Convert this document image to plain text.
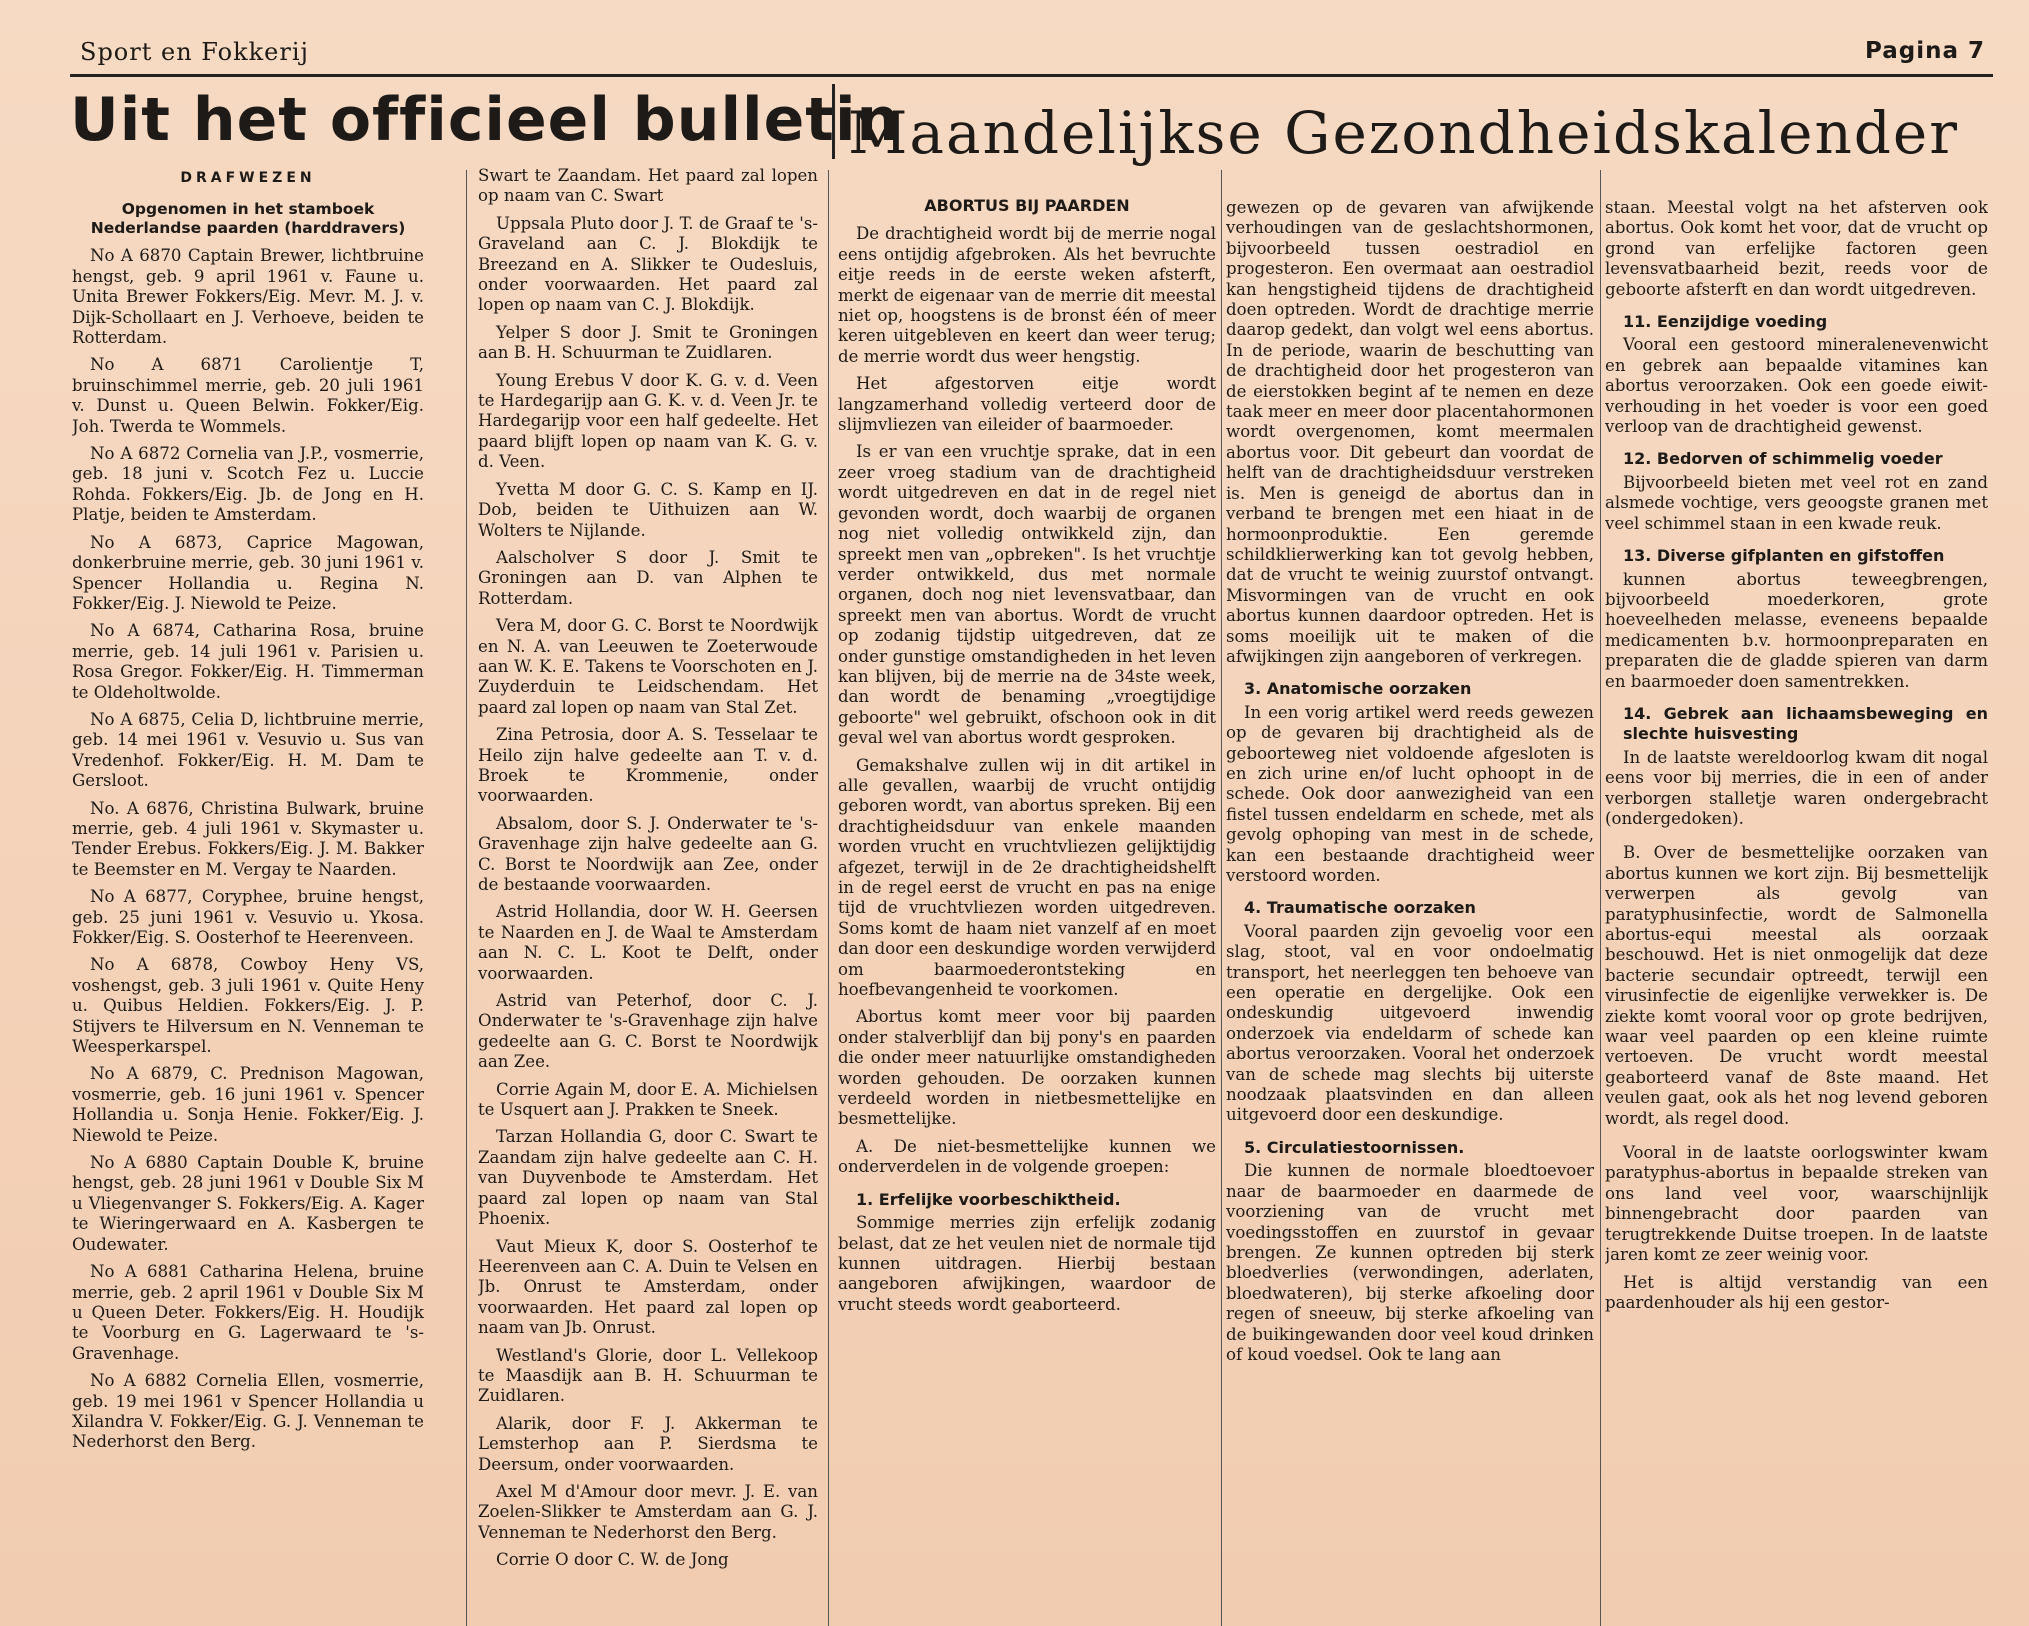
Sport en Fokkerij	Pagina 7
Uit het officieel bulletin
Maandelijkse Gezondheidskalender
DRAFWEZEN
Opgenomen in het stamboek Nederlandse paarden (harddravers)

No A 6870 Captain Brewer, lichtbruine hengst, geb. 9 april 1961 v. Faune u. Unita Brewer Fokkers/Eig. Mevr. M. J. v. Dijk-Schollaart en J. Verhoeve, beiden te Rotterdam.

No A 6871 Carolientje T, bruinschimmel merrie, geb. 20 juli 1961 v. Dunst u. Queen Belwin. Fokker/Eig. Joh. Twerda te Wommels.

No A 6872 Cornelia van J.P., vosmerrie, geb. 18 juni v. Scotch Fez u. Luccie Rohda. Fokkers/Eig. Jb. de Jong en H. Platje, beiden te Amsterdam.

No A 6873, Caprice Magowan, donkerbruine merrie, geb. 30 juni 1961 v. Spencer Hollandia u. Regina N. Fokker/Eig. J. Niewold te Peize.

No A 6874, Catharina Rosa, bruine merrie, geb. 14 juli 1961 v. Parisien u. Rosa Gregor. Fokker/Eig. H. Timmerman te Oldeholtwolde.

No A 6875, Celia D, lichtbruine merrie, geb. 14 mei 1961 v. Vesuvio u. Sus van Vredenhof. Fokker/Eig. H. M. Dam te Gersloot.

No. A 6876, Christina Bulwark, bruine merrie, geb. 4 juli 1961 v. Skymaster u. Tender Erebus. Fokkers/Eig. J. M. Bakker te Beemster en M. Vergay te Naarden.

No A 6877, Coryphee, bruine hengst, geb. 25 juni 1961 v. Vesuvio u. Ykosa. Fokker/Eig. S. Oosterhof te Heerenveen.

No A 6878, Cowboy Heny VS, voshengst, geb. 3 juli 1961 v. Quite Heny u. Quibus Heldien. Fokkers/Eig. J. P. Stijvers te Hilversum en N. Venneman te Weesperkarspel.

No A 6879, C. Prednison Magowan, vosmerrie, geb. 16 juni 1961 v. Spencer Hollandia u. Sonja Henie. Fokker/Eig. J. Niewold te Peize.

No A 6880 Captain Double K, bruine hengst, geb. 28 juni 1961 v Double Six M u Vliegenvanger S. Fokkers/Eig. A. Kager te Wieringerwaard en A. Kasbergen te Oudewater.

No A 6881 Catharina Helena, bruine merrie, geb. 2 april 1961 v Double Six M u Queen Deter. Fokkers/Eig. H. Houdijk te Voorburg en G. Lagerwaard te 's-Gravenhage.

No A 6882 Cornelia Ellen, vosmerrie, geb. 19 mei 1961 v Spencer Hollandia u Xilandra V. Fokker/Eig. G. J. Venneman te Nederhorst den Berg.

Swart te Zaandam. Het paard zal lopen op naam van C. Swart

Uppsala Pluto door J. T. de Graaf te 's-Graveland aan C. J. Blokdijk te Breezand en A. Slikker te Oudesluis, onder voorwaarden. Het paard zal lopen op naam van C. J. Blokdijk.

Yelper S door J. Smit te Groningen aan B. H. Schuurman te Zuidlaren.

Young Erebus V door K. G. v. d. Veen te Hardegarijp aan G. K. v. d. Veen Jr. te Hardegarijp voor een half gedeelte. Het paard blijft lopen op naam van K. G. v. d. Veen.

Yvetta M door G. C. S. Kamp en IJ. Dob, beiden te Uithuizen aan W. Wolters te Nijlande.

Aalscholver S door J. Smit te Groningen aan D. van Alphen te Rotterdam.

Vera M, door G. C. Borst te Noordwijk en N. A. van Leeuwen te Zoeterwoude aan W. K. E. Takens te Voorschoten en J. Zuyderduin te Leidschendam. Het paard zal lopen op naam van Stal Zet.

Zina Petrosia, door A. S. Tesselaar te Heilo zijn halve gedeelte aan T. v. d. Broek te Krommenie, onder voorwaarden.

Absalom, door S. J. Onderwater te 's-Gravenhage zijn halve gedeelte aan G. C. Borst te Noordwijk aan Zee, onder de bestaande voorwaarden.

Astrid Hollandia, door W. H. Geersen te Naarden en J. de Waal te Amsterdam aan N. C. L. Koot te Delft, onder voorwaarden.

Astrid van Peterhof, door C. J. Onderwater te 's-Gravenhage zijn halve gedeelte aan G. C. Borst te Noordwijk aan Zee.

Corrie Again M, door E. A. Michielsen te Usquert aan J. Prakken te Sneek.

Tarzan Hollandia G, door C. Swart te Zaandam zijn halve gedeelte aan C. H. van Duyvenbode te Amsterdam. Het paard zal lopen op naam van Stal Phoenix.

Vaut Mieux K, door S. Oosterhof te Heerenveen aan C. A. Duin te Velsen en Jb. Onrust te Amsterdam, onder voorwaarden. Het paard zal lopen op naam van Jb. Onrust.

Westland's Glorie, door L. Vellekoop te Maasdijk aan B. H. Schuurman te Zuidlaren.

Alarik, door F. J. Akkerman te Lemsterhop aan P. Sierdsma te Deersum, onder voorwaarden.

Axel M d'Amour door mevr. J. E. van Zoelen-Slikker te Amsterdam aan G. J. Venneman te Nederhorst den Berg.

Corrie O door C. W. de Jong

ABORTUS BIJ PAARDEN

De drachtigheid wordt bij de merrie nogal eens ontijdig afgebroken. Als het bevruchte eitje reeds in de eerste weken afsterft, merkt de eigenaar van de merrie dit meestal niet op, hoogstens is de bronst één of meer keren uitgebleven en keert dan weer terug; de merrie wordt dus weer hengstig.

Het afgestorven eitje wordt langzamerhand volledig verteerd door de slijmvliezen van eileider of baarmoeder.

Is er van een vruchtje sprake, dat in een zeer vroeg stadium van de drachtigheid wordt uitgedreven en dat in de regel niet gevonden wordt, doch waarbij de organen nog niet volledig ontwikkeld zijn, dan spreekt men van „opbreken". Is het vruchtje verder ontwikkeld, dus met normale organen, doch nog niet levensvatbaar, dan spreekt men van abortus. Wordt de vrucht op zodanig tijdstip uitgedreven, dat ze onder gunstige omstandigheden in het leven kan blijven, bij de merrie na de 34ste week, dan wordt de benaming „vroegtijdige geboorte" wel gebruikt, ofschoon ook in dit geval wel van abortus wordt gesproken.

Gemakshalve zullen wij in dit artikel in alle gevallen, waarbij de vrucht ontijdig geboren wordt, van abortus spreken. Bij een drachtigheidsduur van enkele maanden worden vrucht en vruchtvliezen gelijktijdig afgezet, terwijl in de 2e drachtigheidshelft in de regel eerst de vrucht en pas na enige tijd de vruchtvliezen worden uitgedreven. Soms komt de haam niet vanzelf af en moet dan door een deskundige worden verwijderd om baarmoederontsteking en hoefbevangenheid te voorkomen.

Abortus komt meer voor bij paarden onder stalverblijf dan bij pony's en paarden die onder meer natuurlijke omstandigheden worden gehouden. De oorzaken kunnen verdeeld worden in nietbesmettelijke en besmettelijke.

A. De niet-besmettelijke kunnen we onderverdelen in de volgende groepen:

1. Erfelijke voorbeschiktheid.

Sommige merries zijn erfelijk zodanig belast, dat ze het veulen niet de normale tijd kunnen uitdragen. Hierbij bestaan aangeboren afwijkingen, waardoor de vrucht steeds wordt geaborteerd.

gewezen op de gevaren van afwijkende verhoudingen van de geslachtshormonen, bijvoorbeeld tussen oestradiol en progesteron. Een overmaat aan oestradiol kan hengstigheid tijdens de drachtigheid doen optreden. Wordt de drachtige merrie daarop gedekt, dan volgt wel eens abortus. In de periode, waarin de beschutting van de drachtigheid door het progesteron van de eierstokken begint af te nemen en deze taak meer en meer door placentahormonen wordt overgenomen, komt meermalen abortus voor. Dit gebeurt dan voordat de helft van de drachtigheidsduur verstreken is. Men is geneigd de abortus dan in verband te brengen met een hiaat in de hormoonproduktie. Een geremde schildklierwerking kan tot gevolg hebben, dat de vrucht te weinig zuurstof ontvangt. Misvormingen van de vrucht en ook abortus kunnen daardoor optreden. Het is soms moeilijk uit te maken of die afwijkingen zijn aangeboren of verkregen.

3. Anatomische oorzaken

In een vorig artikel werd reeds gewezen op de gevaren bij drachtigheid als de geboorteweg niet voldoende afgesloten is en zich urine en/of lucht ophoopt in de schede. Ook door aanwezigheid van een fistel tussen endeldarm en schede, met als gevolg ophoping van mest in de schede, kan een bestaande drachtigheid weer verstoord worden.

4. Traumatische oorzaken

Vooral paarden zijn gevoelig voor een slag, stoot, val en voor ondoelmatig transport, het neerleggen ten behoeve van een operatie en dergelijke. Ook een ondeskundig uitgevoerd inwendig onderzoek via endeldarm of schede kan abortus veroorzaken. Vooral het onderzoek van de schede mag slechts bij uiterste noodzaak plaatsvinden en dan alleen uitgevoerd door een deskundige.

5. Circulatiestoornissen.

Die kunnen de normale bloedtoevoer naar de baarmoeder en daarmede de voorziening van de vrucht met voedingsstoffen en zuurstof in gevaar brengen. Ze kunnen optreden bij sterk bloedverlies (verwondingen, aderlaten, bloedwateren), bij sterke afkoeling door regen of sneeuw, bij sterke afkoeling van de buikingewanden door veel koud drinken of koud voedsel. Ook te lang aan

staan. Meestal volgt na het afsterven ook abortus. Ook komt het voor, dat de vrucht op grond van erfelijke factoren geen levensvatbaarheid bezit, reeds voor de geboorte afsterft en dan wordt uitgedreven.

11. Eenzijdige voeding

Vooral een gestoord mineralenevenwicht en gebrek aan bepaalde vitamines kan abortus veroorzaken. Ook een goede eiwit-verhouding in het voeder is voor een goed verloop van de drachtigheid gewenst.

12. Bedorven of schimmelig voeder

Bijvoorbeeld bieten met veel rot en zand alsmede vochtige, vers geoogste granen met veel schimmel staan in een kwade reuk.

13. Diverse gifplanten en gifstoffen

kunnen abortus teweegbrengen, bijvoorbeeld moederkoren, grote hoeveelheden melasse, eveneens bepaalde medicamenten b.v. hormoonpreparaten en preparaten die de gladde spieren van darm en baarmoeder doen samentrekken.

14. Gebrek aan lichaamsbeweging en slechte huisvesting

In de laatste wereldoorlog kwam dit nogal eens voor bij merries, die in een of ander verborgen stalletje waren ondergebracht (ondergedoken).

B. Over de besmettelijke oorzaken van abortus kunnen we kort zijn. Bij besmettelijk verwerpen als gevolg van paratyphusinfectie, wordt de Salmonella abortus-equi meestal als oorzaak beschouwd. Het is niet onmogelijk dat deze bacterie secundair optreedt, terwijl een virusinfectie de eigenlijke verwekker is. De ziekte komt vooral voor op grote bedrijven, waar veel paarden op een kleine ruimte vertoeven. De vrucht wordt meestal geaborteerd vanaf de 8ste maand. Het veulen gaat, ook als het nog levend geboren wordt, als regel dood.

Vooral in de laatste oorlogswinter kwam paratyphus-abortus in bepaalde streken van ons land veel voor, waarschijnlijk binnengebracht door paarden van terugtrekkende Duitse troepen. In de laatste jaren komt ze zeer weinig voor.

Het is altijd verstandig van een paardenhouder als hij een gestor-
